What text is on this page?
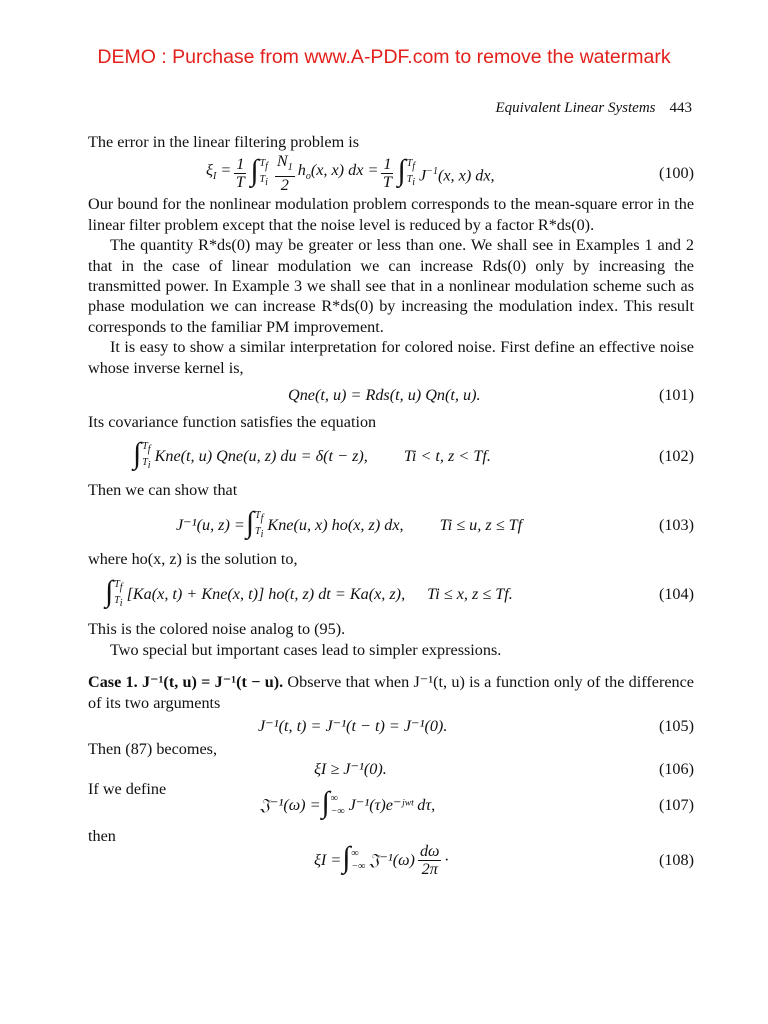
DEMO : Purchase from www.A-PDF.com to remove the watermark
Equivalent Linear Systems 443

The error in the linear filtering problem is

$\xi_I = \frac{1}{T}$ ∫ $T_f$
$T_i \frac{N_1}{2} h_o(x$, x) dx = $\frac{1}{T}$ ∫ $T_f$
$T_i$ $J^{-1}(x$, x) dx,	(100)

Our bound for the nonlinear modulation problem corresponds to the mean-square error in the linear filter problem except that the noise level is reduced by a factor R*ds(0).

The quantity R*ds(0) may be greater or less than one. We shall see in Examples 1 and 2 that in the case of linear modulation we can increase Rds(0) only by increasing the transmitted power. In Example 3 we shall see that in a nonlinear modulation scheme such as phase modulation we can increase R*ds(0) by increasing the modulation index. This result corresponds to the familiar PM improvement.

It is easy to show a similar interpretation for colored noise. First define an effective noise whose inverse kernel is,

Qne(t, u) = Rds(t, u) Qn(t, u).	(101)

Its covariance function satisfies the equation

∫ $T_f$
$T_i$
Kne(t, u) Qne(u, z) du = δ(t − z), Ti < t, z < Tf.	(102)

Then we can show that

J⁻¹(u, z) = ∫ $T_f$
$T_i$
Kne(u, x) ho(x, z) dx, Ti ≤ u, z ≤ Tf	(103)

where ho(x, z) is the solution to,

∫ $T_f$
$T_i$
[Ka(x, t) + Kne(x, t)] ho(t, z) dt = Ka(x, z), Ti ≤ x, z ≤ Tf.	(104)

This is the colored noise analog to (95).

Two special but important cases lead to simpler expressions.

Case 1. J⁻¹(t, u) = J⁻¹(t − u). Observe that when J⁻¹(t, u) is a function only of the difference of its two arguments

J⁻¹(t, t) = J⁻¹(t − t) = J⁻¹(0).	(105)

Then (87) becomes,

ξI ≥ J⁻¹(0).	(106)

If we define

𝔍⁻¹(ω) = ∫ ∞
−∞ J⁻¹(τ)e⁻ʲʷᵗ dτ,	(107)

then

ξI = ∫ ∞
−∞ 𝔍⁻¹(ω) $\frac{d\omega}{2\pi}$ ·	(108)
